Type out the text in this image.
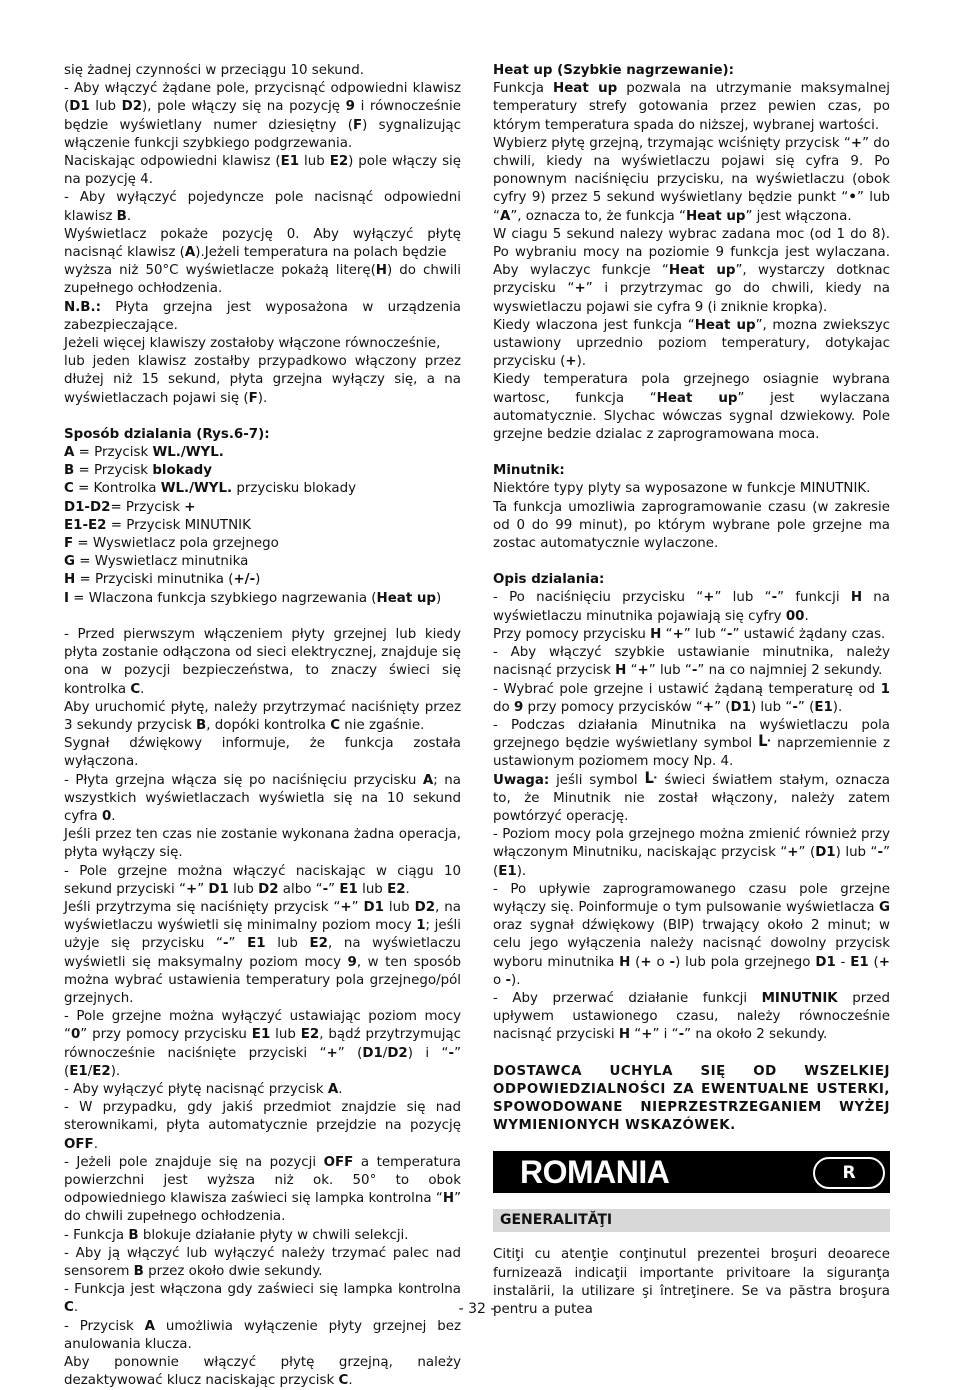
się żadnej czynności w przeciągu 10 sekund.

- Aby włączyć żądane pole, przycisnąć odpowiedni klawisz (D1 lub D2), pole włączy się na pozycję 9 i równocześnie będzie wyświetlany numer dziesiętny (F) sygnalizując włączenie funkcji szybkiego podgrzewania.

Naciskając odpowiedni klawisz (E1 lub E2) pole włączy się na pozycję 4.

- Aby wyłączyć pojedyncze pole nacisnąć odpowiedni klawisz B.

Wyświetlacz pokaże pozycję 0. Aby wyłączyć płytę nacisnąć klawisz (A).Jeżeli temperatura na polach będzie

wyższa niż 50°C wyświetlacze pokażą literę(H) do chwili zupełnego ochłodzenia.

N.B.: Płyta grzejna jest wyposażona w urządzenia zabezpieczające.

Jeżeli więcej klawiszy zostałoby włączone równocześnie,

lub jeden klawisz zostałby przypadkowo włączony przez dłużej niż 15 sekund, płyta grzejna wyłączy się, a na wyświetlaczach pojawi się (F).

Sposób dzialania (Rys.6-7):

A = Przycisk WL./WYL.

B = Przycisk blokady

C = Kontrolka WL./WYL. przycisku blokady

D1-D2= Przycisk +

E1-E2 = Przycisk MINUTNIK

F = Wyswietlacz pola grzejnego

G = Wyswietlacz minutnika

H = Przyciski minutnika (+/-)

I = Wlaczona funkcja szybkiego nagrzewania (Heat up)

- Przed pierwszym włączeniem płyty grzejnej lub kiedy płyta zostanie odłączona od sieci elektrycznej, znajduje się ona w pozycji bezpieczeństwa, to znaczy świeci się kontrolka C.

Aby uruchomić płytę, należy przytrzymać naciśnięty przez 3 sekundy przycisk B, dopóki kontrolka C nie zgaśnie.

Sygnał dźwiękowy informuje, że funkcja została wyłączona.

- Płyta grzejna włącza się po naciśnięciu przycisku A; na wszystkich wyświetlaczach wyświetla się na 10 sekund cyfra 0.

Jeśli przez ten czas nie zostanie wykonana żadna operacja, płyta wyłączy się.

- Pole grzejne można włączyć naciskając w ciągu 10 sekund przyciski “+” D1 lub D2 albo “-” E1 lub E2.

Jeśli przytrzyma się naciśnięty przycisk “+” D1 lub D2, na wyświetlaczu wyświetli się minimalny poziom mocy 1; jeśli użyje się przycisku “-” E1 lub E2, na wyświetlaczu wyświetli się maksymalny poziom mocy 9, w ten sposób można wybrać ustawienia temperatury pola grzejnego/pól grzejnych.

- Pole grzejne można wyłączyć ustawiając poziom mocy “0” przy pomocy przycisku E1 lub E2, bądź przytrzymując równocześnie naciśnięte przyciski “+” (D1/D2) i “-” (E1/E2).

- Aby wyłączyć płytę nacisnąć przycisk A.

- W przypadku, gdy jakiś przedmiot znajdzie się nad sterownikami, płyta automatycznie przejdzie na pozycję OFF.

- Jeżeli pole znajduje się na pozycji OFF a temperatura powierzchni jest wyższa niż ok. 50° to obok odpowiedniego klawisza zaświeci się lampka kontrolna “H” do chwili zupełnego ochłodzenia.

- Funkcja B blokuje działanie płyty w chwili selekcji.

- Aby ją włączyć lub wyłączyć należy trzymać palec nad sensorem B przez około dwie sekundy.

- Funkcja jest włączona gdy zaświeci się lampka kontrolna C.

- Przycisk A umożliwia wyłączenie płyty grzejnej bez anulowania klucza.

Aby ponownie włączyć płytę grzejną, należy dezaktywować klucz naciskając przycisk C.

Heat up (Szybkie nagrzewanie):

Funkcja Heat up pozwala na utrzymanie maksymalnej temperatury strefy gotowania przez pewien czas, po którym temperatura spada do niższej, wybranej wartości.

Wybierz płytę grzejną, trzymając wciśnięty przycisk “+” do chwili, kiedy na wyświetlaczu pojawi się cyfra 9. Po ponownym naciśnięciu przycisku, na wyświetlaczu (obok cyfry 9) przez 5 sekund wyświetlany będzie punkt “•” lub “A”, oznacza to, że funkcja “Heat up” jest włączona.

W ciagu 5 sekund nalezy wybrac zadana moc (od 1 do 8). Po wybraniu mocy na poziomie 9 funkcja jest wylaczana. Aby wylaczyc funkcje “Heat up”, wystarczy dotknac przycisku “+” i przytrzymac go do chwili, kiedy na wyswietlaczu pojawi sie cyfra 9 (i zniknie kropka).

Kiedy wlaczona jest funkcja “Heat up”, mozna zwiekszyc ustawiony uprzednio poziom temperatury, dotykajac przycisku (+).

Kiedy temperatura pola grzejnego osiagnie wybrana wartosc, funkcja “Heat up” jest wylaczana automatycznie. Slychac wówczas sygnal dzwiekowy. Pole grzejne bedzie dzialac z zaprogramowana moca.

Minutnik:

Niektóre typy plyty sa wyposazone w funkcje MINUTNIK.

Ta funkcja umozliwia zaprogramowanie czasu (w zakresie od 0 do 99 minut), po którym wybrane pole grzejne ma zostac automatycznie wylaczone.

Opis dzialania:

- Po naciśnięciu przycisku “+” lub “-” funkcji H na wyświetlaczu minutnika pojawiają się cyfry 00.

Przy pomocy przycisku H “+” lub “-” ustawić żądany czas.

- Aby włączyć szybkie ustawianie minutnika, należy nacisnąć przycisk H “+” lub “-” na co najmniej 2 sekundy.

- Wybrać pole grzejne i ustawić żądaną temperaturę od 1 do 9 przy pomocy przycisków “+” (D1) lub “-” (E1).

- Podczas działania Minutnika na wyświetlaczu pola grzejnego będzie wyświetlany symbol ᒷ naprzemiennie z ustawionym poziomem mocy Np. 4.

Uwaga: jeśli symbol ᒷ świeci światłem stałym, oznacza to, że Minutnik nie został włączony, należy zatem powtórzyć operację.

- Poziom mocy pola grzejnego można zmienić również przy włączonym Minutniku, naciskając przycisk “+” (D1) lub “-” (E1).

- Po upływie zaprogramowanego czasu pole grzejne wyłączy się. Poinformuje o tym pulsowanie wyświetlacza G oraz sygnał dźwiękowy (BIP) trwający około 2 minut; w celu jego wyłączenia należy nacisnąć dowolny przycisk wyboru minutnika H (+ o -) lub pola grzejnego D1 - E1 (+ o -).

- Aby przerwać działanie funkcji MINUTNIK przed upływem ustawionego czasu, należy równocześnie nacisnąć przyciski H “+” i “-” na około 2 sekundy.

DOSTAWCA UCHYLA SIĘ OD WSZELKIEJ ODPOWIEDZIALNOŚCI ZA EWENTUALNE USTERKI, SPOWODOWANE NIEPRZESTRZEGANIEM WYŻEJ WYMIENIONYCH WSKAZÓWEK.

ROMANIA	R
GENERALITĂŢI

Citiţi cu atenţie conţinutul prezentei broşuri deoarece furnizează indicaţii importante privitoare la siguranţa instalării, la utilizare şi întreţinere. Se va păstra broşura pentru a putea

- 32 -
